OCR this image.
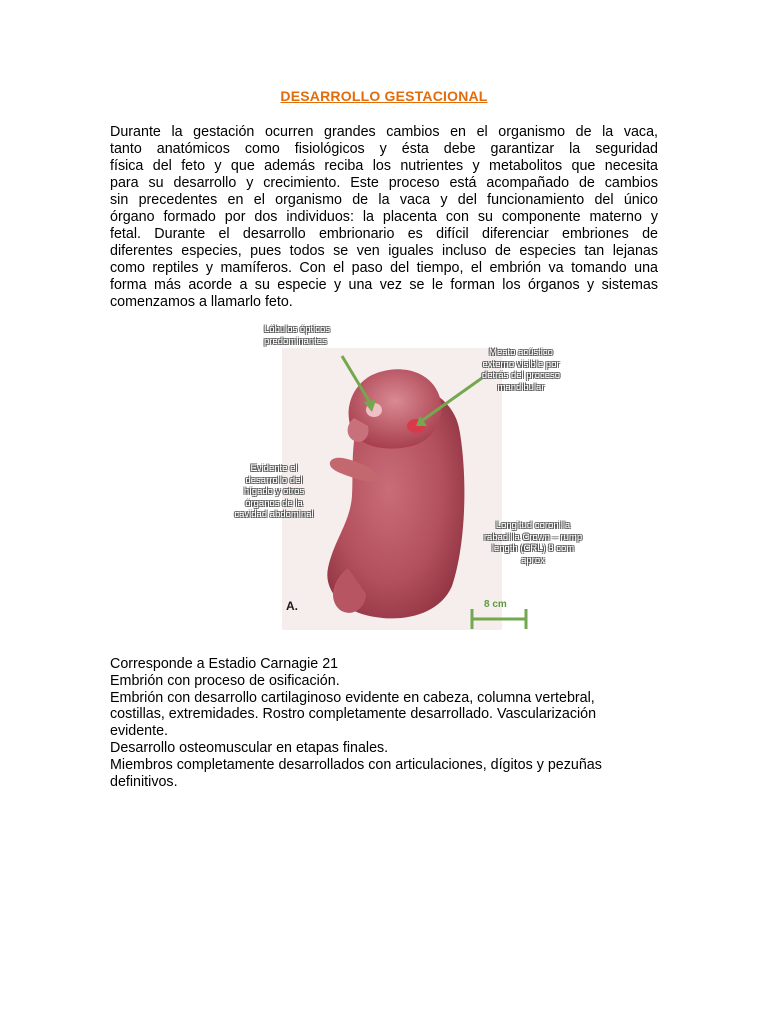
DESARROLLO GESTACIONAL

Durante la gestación ocurren grandes cambios en el organismo de la vaca,
tanto anatómicos como fisiológicos y ésta debe garantizar la seguridad
física del feto y que además reciba los nutrientes y metabolitos que necesita
para su desarrollo y crecimiento. Este proceso está acompañado de cambios
sin precedentes en el organismo de la vaca y del funcionamiento del único
órgano formado por dos individuos: la placenta con su componente materno y
fetal. Durante el desarrollo embrionario es difícil diferenciar embriones de
diferentes especies, pues todos se ven iguales incluso de especies tan lejanas
como reptiles y mamíferos. Con el paso del tiempo, el embrión va tomando una
forma más acorde a su especie y una vez se le forman los órganos y sistemas
comenzamos a llamarlo feto.

Lóbulos ópticos
predominantes
Meato acústico
externo visible por
detrás del proceso
mandibular
Evidente el
desarrollo del
hígado y otros
órganos de la
cavidad abdominal
Longitud coronilla
rabadilla Crown – rump
length (CRL) 8 com
aprox
A.	8 cm
Corresponde a Estadio Carnagie 21
Embrión con proceso de osificación.
Embrión con desarrollo cartilaginoso evidente en cabeza, columna vertebral,
costillas, extremidades. Rostro completamente desarrollado. Vascularización
evidente.
Desarrollo osteomuscular en etapas finales.
Miembros completamente desarrollados con articulaciones, dígitos y pezuñas
definitivos.
